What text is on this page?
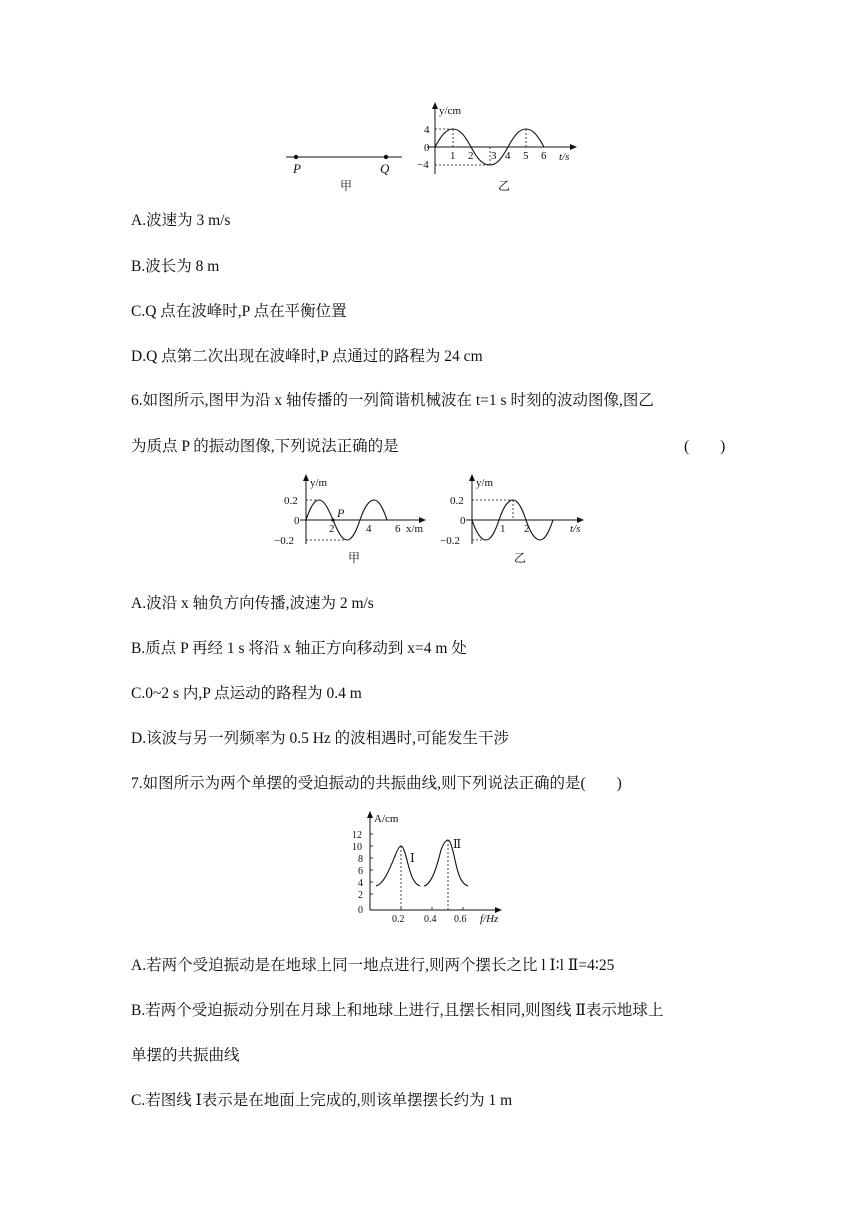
P	Q
甲
y/cm
t/s
4
0
−4
1 2 3 4 5 6
乙
A.波速为 3 m/s
B.波长为 8 m
C.Q 点在波峰时,P 点在平衡位置
D.Q 点第二次出现在波峰时,P 点通过的路程为 24 cm
6.如图所示,图甲为沿 x 轴传播的一列简谐机械波在 t=1 s 时刻的波动图像,图乙
为质点 P 的振动图像,下列说法正确的是	(　　)
y/m
x/m
0.2
0
−0.2
P
2	4 6
甲
y/m
t/s
0.2
0
−0.2
1 2
乙
A.波沿 x 轴负方向传播,波速为 2 m/s
B.质点 P 再经 1 s 将沿 x 轴正方向移动到 x=4 m 处
C.0~2 s 内,P 点运动的路程为 0.4 m
D.该波与另一列频率为 0.5 Hz 的波相遇时,可能发生干涉
7.如图所示为两个单摆的受迫振动的共振曲线,则下列说法正确的是(　　)
A/cm
f/Hz
12
10
8
6
4
2
0
Ⅰ
Ⅱ
0.2 0.4 0.6
A.若两个受迫振动是在地球上同一地点进行,则两个摆长之比 l Ⅰ∶l Ⅱ=4∶25
B.若两个受迫振动分别在月球上和地球上进行,且摆长相同,则图线 Ⅱ表示地球上
单摆的共振曲线
C.若图线 Ⅰ表示是在地面上完成的,则该单摆摆长约为 1 m
